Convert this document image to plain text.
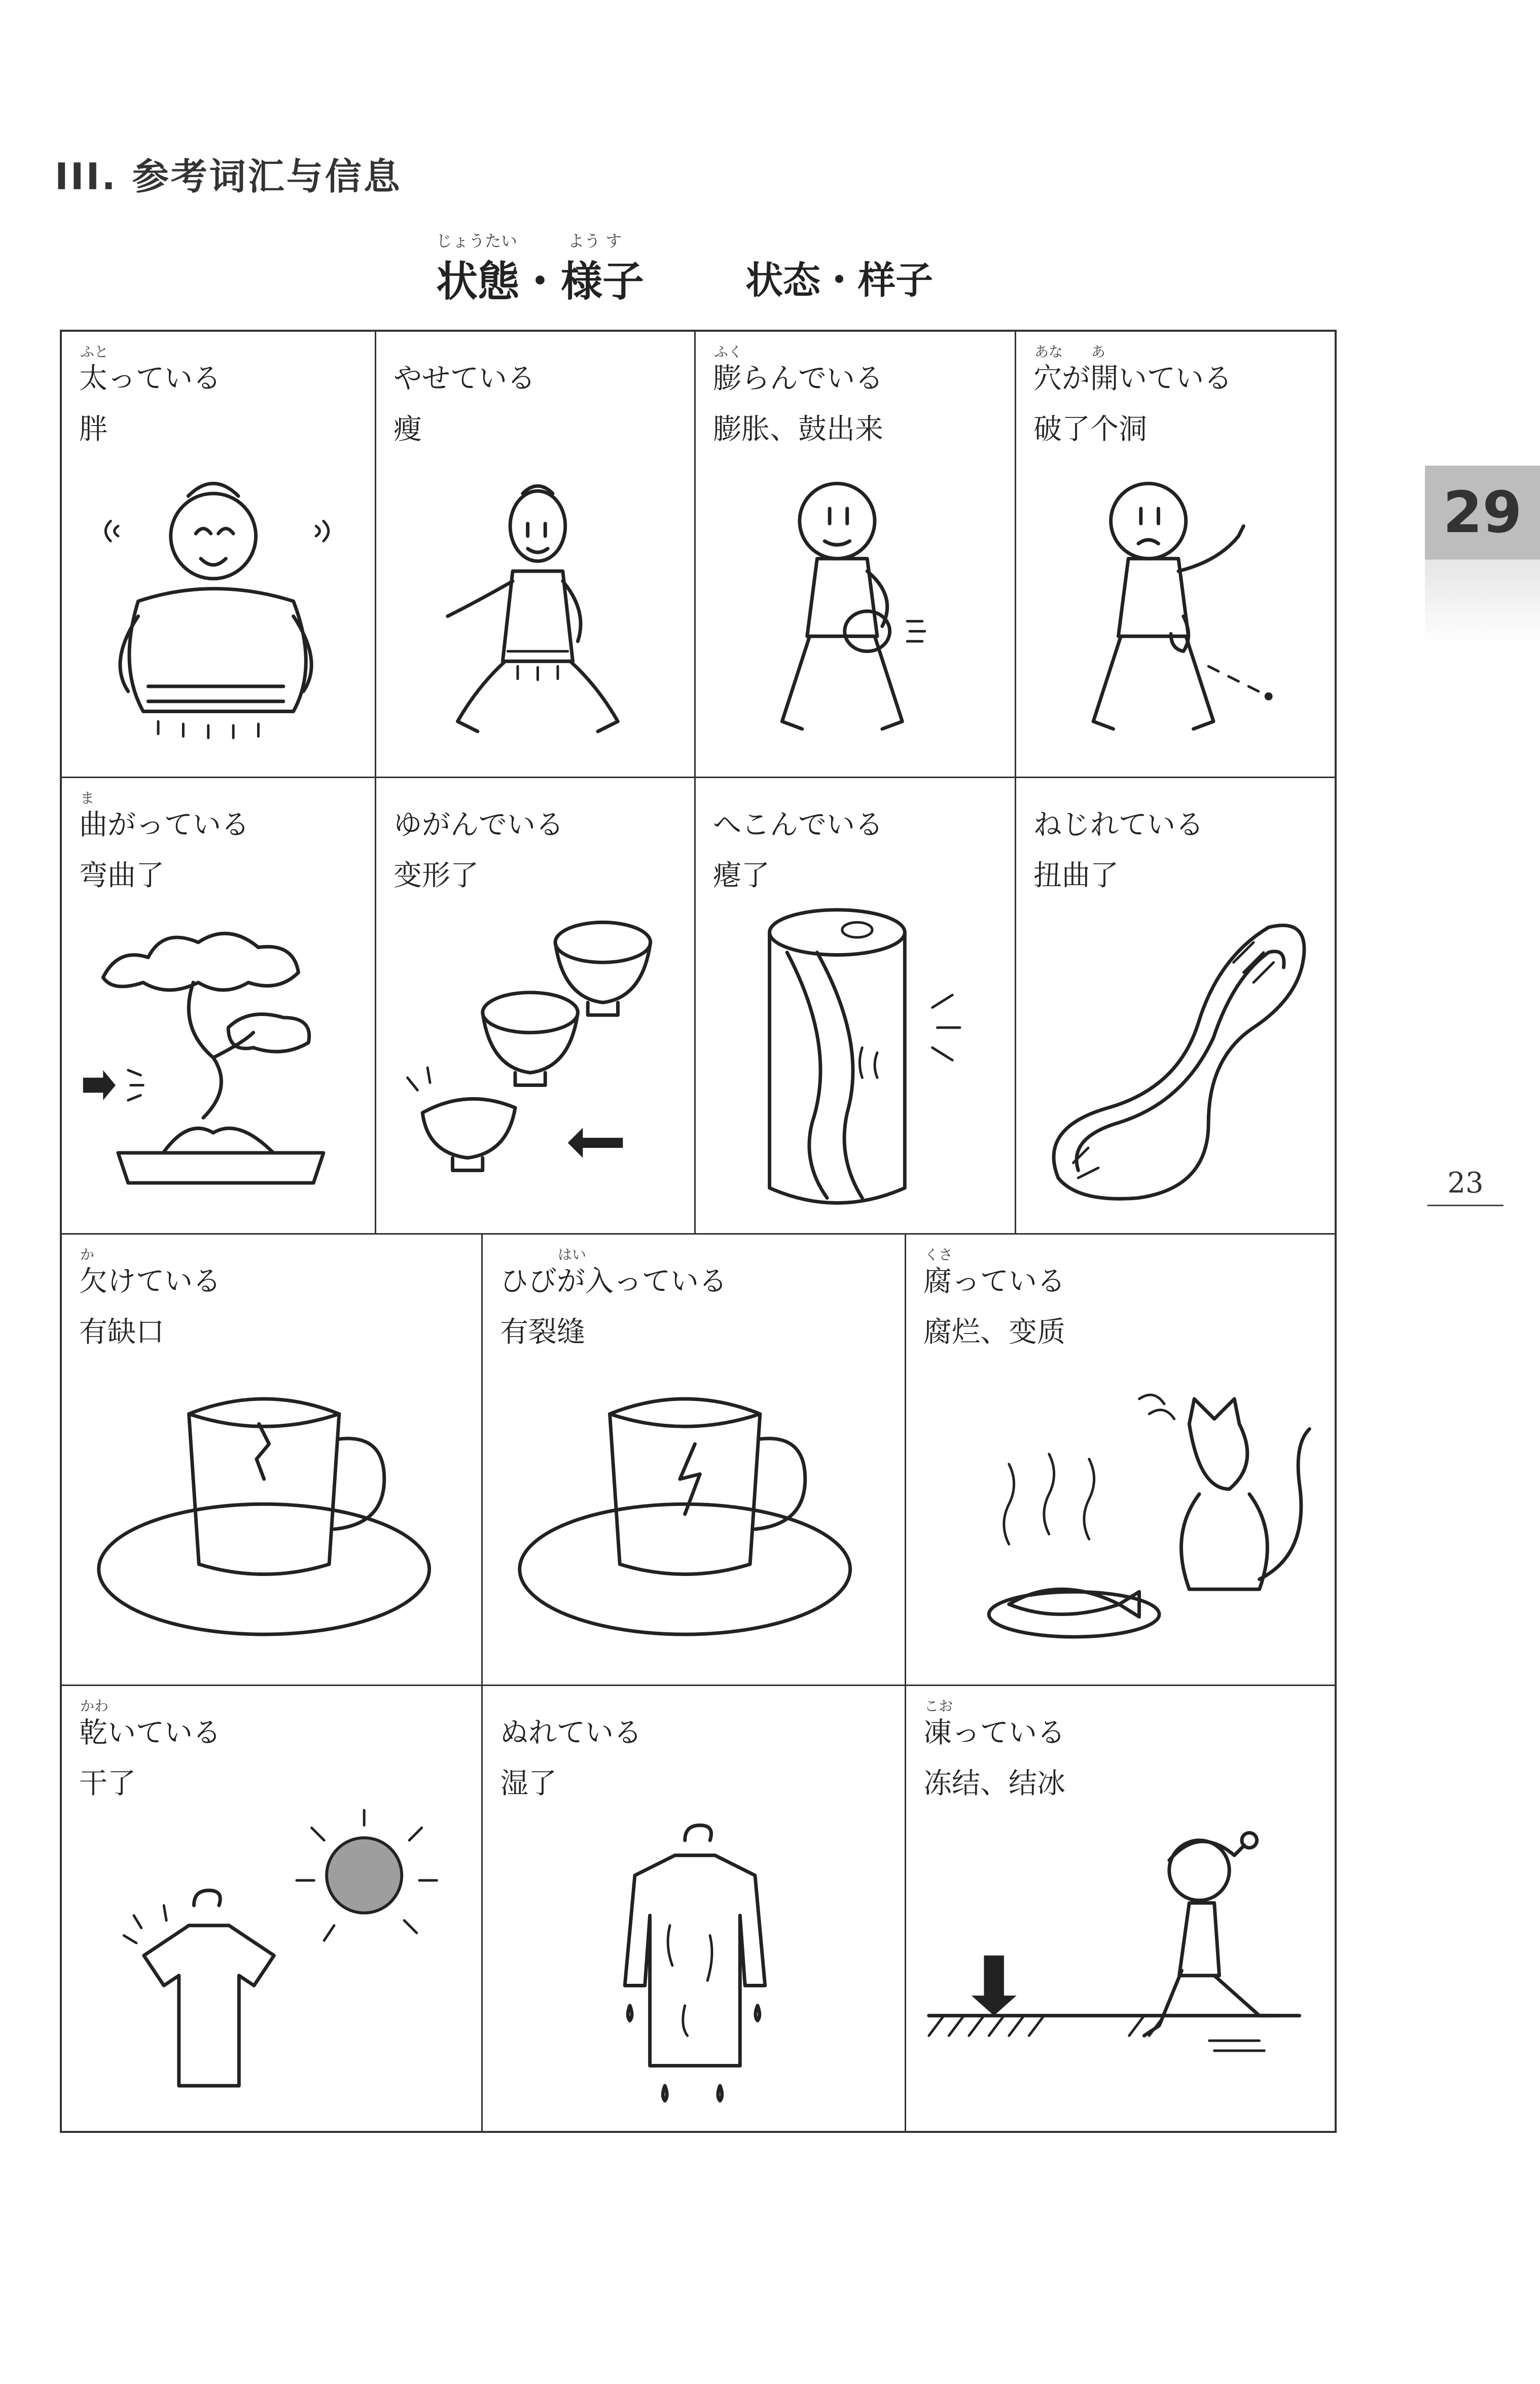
III. 参考词汇与信息
じょうたい	よう す
状態・様子	状态・样子
29
23
ふと
太っている
胖
やせている
瘦
ふく
膨らんでいる
膨胀、鼓出来
あな　　あ
穴が開いている
破了个洞
ま
曲がっている
弯曲了
ゆがんでいる
变形了
へこんでいる
瘪了
ねじれている
扭曲了
か
欠けている
有缺口
　　　　はい
ひびが入っている
有裂缝
くさ
腐っている
腐烂、变质
かわ
乾いている
干了
ぬれている
湿了
こお
凍っている
冻结、结冰
